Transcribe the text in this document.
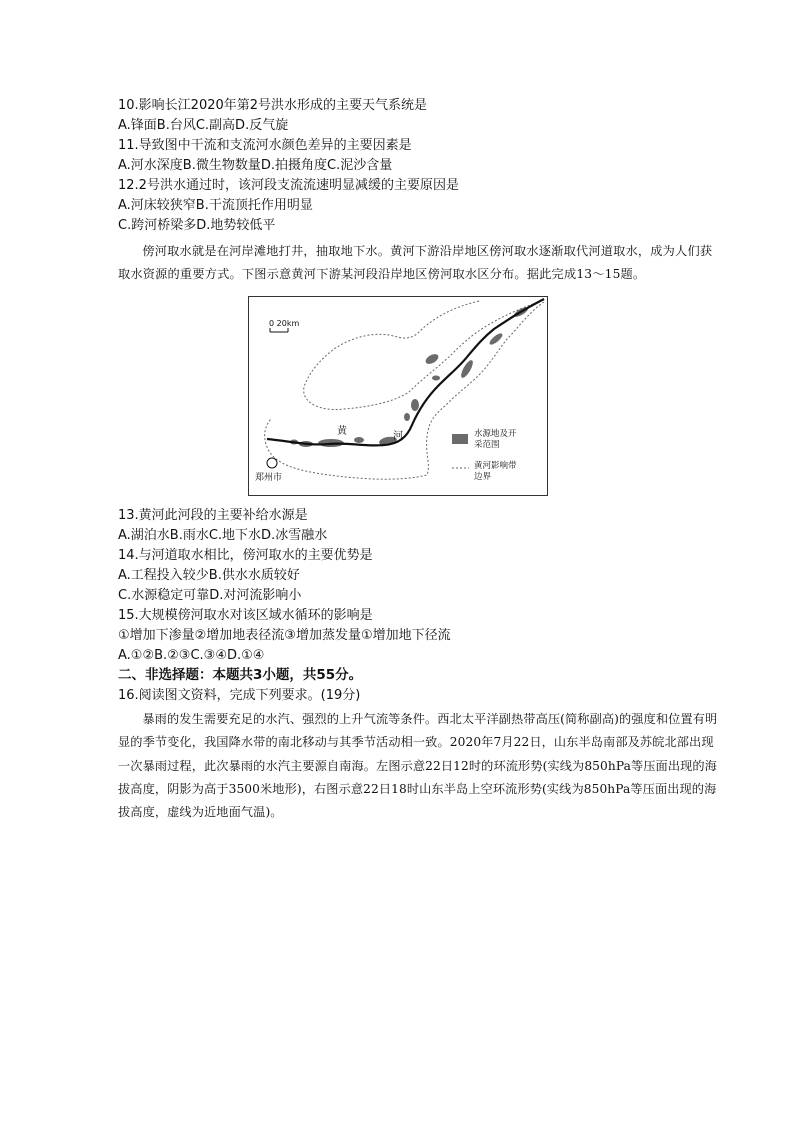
10.影响长江2020年第2号洪水形成的主要天气系统是
A.锋面B.台风C.副高D.反气旋
11.导致图中干流和支流河水颜色差异的主要因素是
A.河水深度B.微生物数量D.拍摄角度C.泥沙含量
12.2号洪水通过时，该河段支流流速明显减缓的主要原因是
A.河床较狭窄B.干流顶托作用明显
C.跨河桥梁多D.地势较低平
傍河取水就是在河岸滩地打井，抽取地下水。黄河下游沿岸地区傍河取水逐渐取代河道取水，成为人们获取水资源的重要方式。下图示意黄河下游某河段沿岸地区傍河取水区分布。据此完成13～15题。
0 20km
黄	河
郑州市
水源地及开采范围
黄河影响带边界
13.黄河此河段的主要补给水源是
A.湖泊水B.雨水C.地下水D.冰雪融水
14.与河道取水相比，傍河取水的主要优势是
A.工程投入较少B.供水水质较好
C.水源稳定可靠D.对河流影响小
15.大规模傍河取水对该区域水循环的影响是
①增加下渗量②增加地表径流③增加蒸发量①增加地下径流
A.①②B.②③C.③④D.①④
二、非选择题：本题共3小题，共55分。
16.阅读图文资料，完成下列要求。(19分)
暴雨的发生需要充足的水汽、强烈的上升气流等条件。西北太平洋副热带高压(简称副高)的强度和位置有明显的季节变化，我国降水带的南北移动与其季节活动相一致。2020年7月22日，山东半岛南部及苏皖北部出现一次暴雨过程，此次暴雨的水汽主要源自南海。左图示意22日12时的环流形势(实线为850hPa等压面出现的海拔高度，阴影为高于3500米地形)，右图示意22日18时山东半岛上空环流形势(实线为850hPa等压面出现的海拔高度，虚线为近地面气温)。
